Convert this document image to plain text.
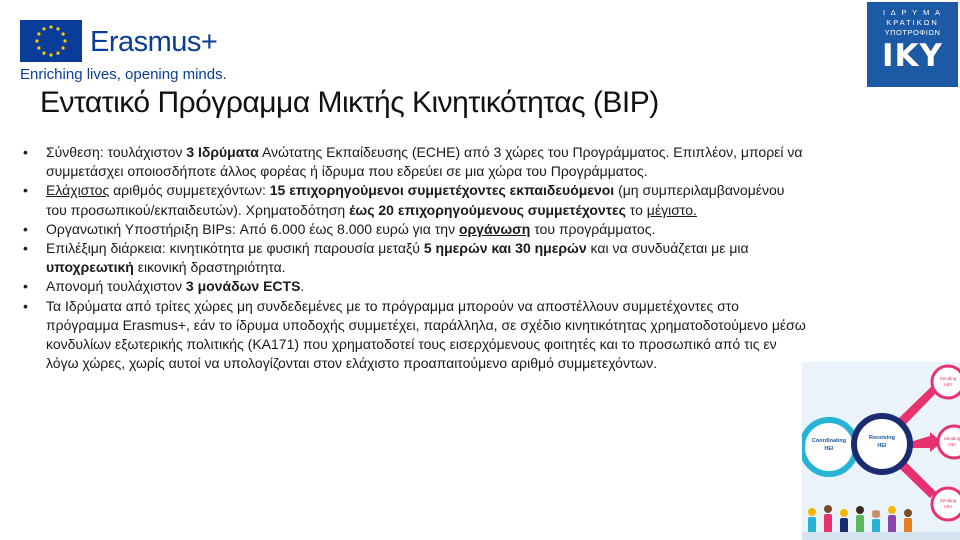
Erasmus+
Enriching lives, opening minds.
Ι Δ Ρ Υ Μ Α
ΚΡΑΤΙΚΩΝ
ΥΠΟΤΡΟΦΙΩΝ
ΙΚΥ
Εντατικό Πρόγραμμα Μικτής Κινητικότητας (BIP)
• Σύνθεση: τουλάχιστον 3 Ιδρύματα Ανώτατης Εκπαίδευσης (ECHE) από 3 χώρες του Προγράμματος. Επιπλέον, μπορεί να συμμετάσχει οποιοσδήποτε άλλος φορέας ή ίδρυμα που εδρεύει σε μια χώρα του Προγράμματος.
• Ελάχιστος αριθμός συμμετεχόντων: 15 επιχορηγούμενοι συμμετέχοντες εκπαιδευόμενοι (μη συμπεριλαμβανομένου του προσωπικού/εκπαιδευτών). Χρηματοδότηση έως 20 επιχορηγούμενους συμμετέχοντες το μέγιστο.
• Οργανωτική Υποστήριξη BIPs: Από 6.000 έως 8.000 ευρώ για την οργάνωση του προγράμματος.
• Επιλέξιμη διάρκεια: κινητικότητα με φυσική παρουσία μεταξύ 5 ημερών και 30 ημερών και να συνδυάζεται με μια υποχρεωτική εικονική δραστηριότητα.
• Απονομή τουλάχιστον 3 μονάδων ECTS.
• Τα Ιδρύματα από τρίτες χώρες μη συνδεδεμένες με το πρόγραμμα μπορούν να αποστέλλουν συμμετέχοντες στο πρόγραμμα Erasmus+, εάν το ίδρυμα υποδοχής συμμετέχει, παράλληλα, σε σχέδιο κινητικότητας χρηματοδοτούμενο μέσω κονδυλίων εξωτερικής πολιτικής (ΚΑ171) που χρηματοδοτεί τους εισερχόμενους φοιτητές και το προσωπικό από τις εν λόγω χώρες, χωρίς αυτοί να υπολογίζονται στον ελάχιστο προαπαιτούμενο αριθμό συμμετεχόντων.
Coordinating
HEI
Receiving
HEI
Sending
HEI
Sending
HEI
Sending
HEI
14
